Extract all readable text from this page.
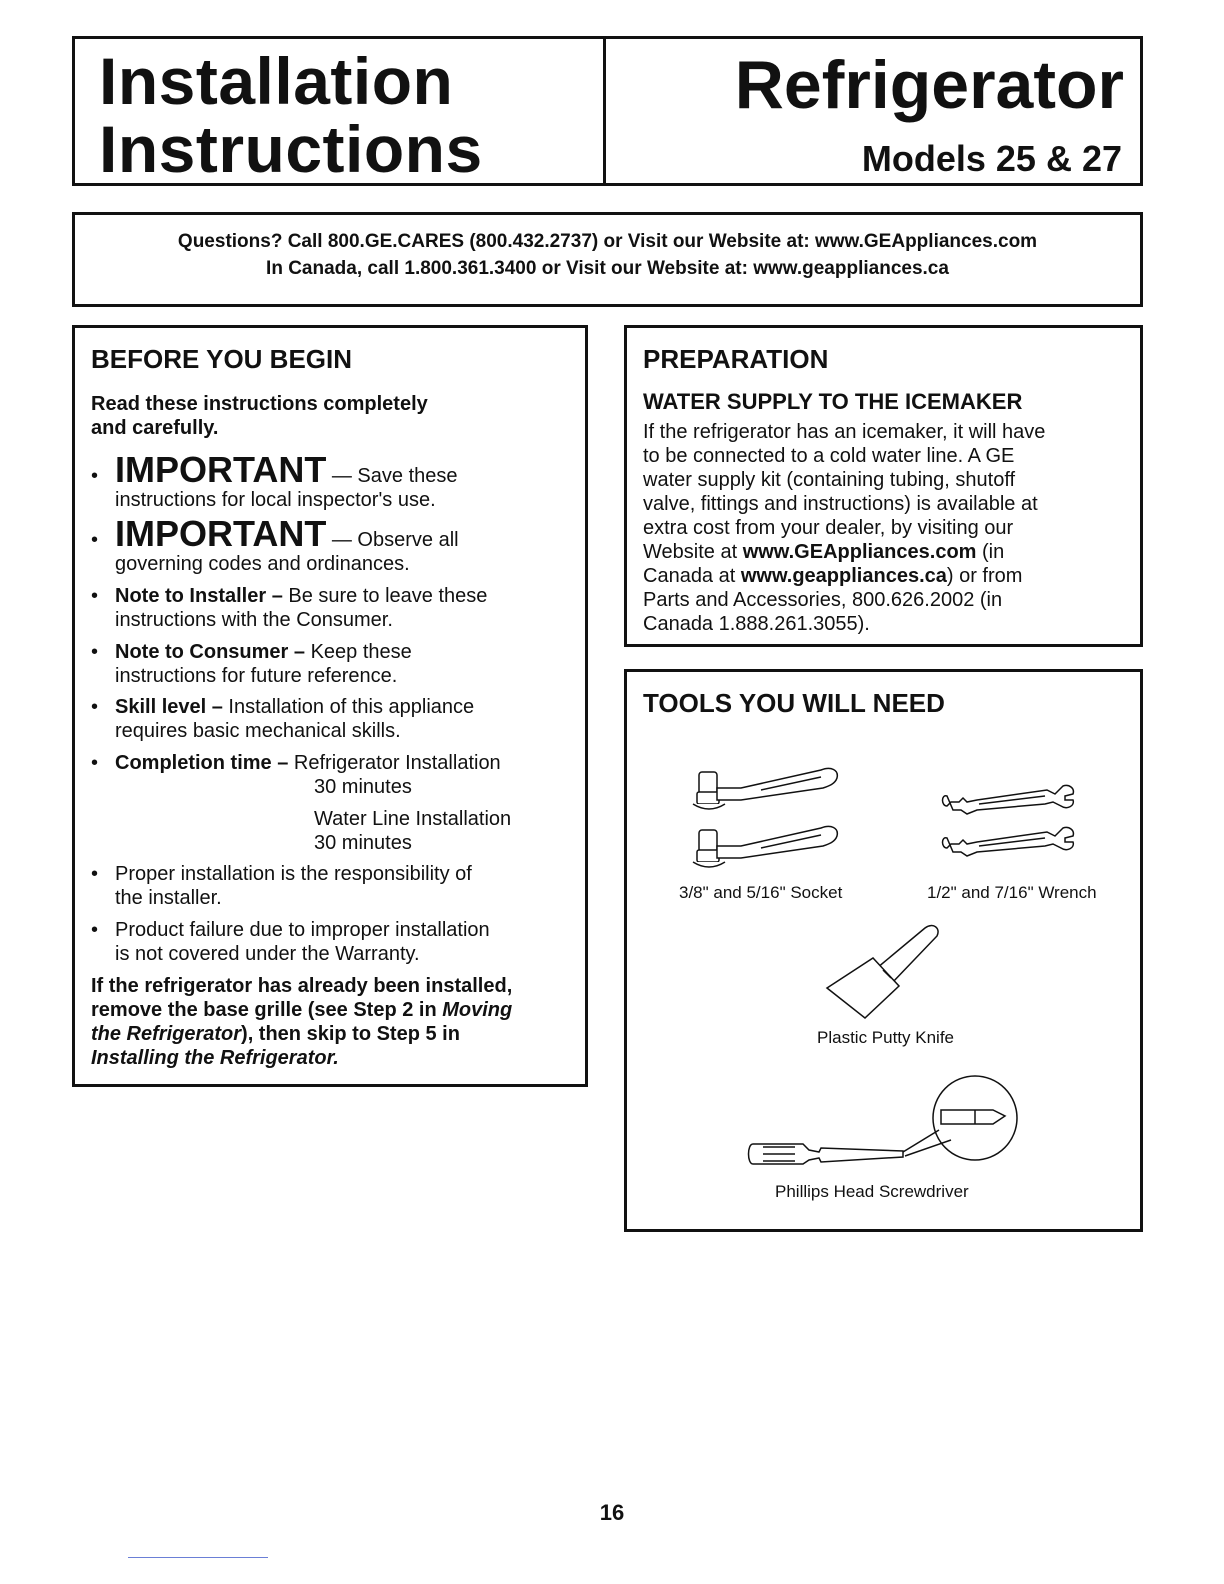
Installation
Instructions
Refrigerator
Models 25 & 27
Questions? Call 800.GE.CARES (800.432.2737) or Visit our Website at: www.GEAppliances.com
In Canada, call 1.800.361.3400 or Visit our Website at: www.geappliances.ca
BEFORE YOU BEGIN
Read these instructions completely
and carefully.
• IMPORTANT — Save these
instructions for local inspector's use.
• IMPORTANT — Observe all
governing codes and ordinances.
• Note to Installer – Be sure to leave these
instructions with the Consumer.
• Note to Consumer – Keep these
instructions for future reference.
• Skill level – Installation of this appliance
requires basic mechanical skills.
• Completion time – Refrigerator Installation
30 minutes
Water Line Installation
30 minutes
• Proper installation is the responsibility of
the installer.
• Product failure due to improper installation
is not covered under the Warranty.
If the refrigerator has already been installed,
remove the base grille (see Step 2 in Moving
the Refrigerator), then skip to Step 5 in
Installing the Refrigerator.
PREPARATION
WATER SUPPLY TO THE ICEMAKER
If the refrigerator has an icemaker, it will have
to be connected to a cold water line. A GE
water supply kit (containing tubing, shutoff
valve, fittings and instructions) is available at
extra cost from your dealer, by visiting our
Website at www.GEAppliances.com (in
Canada at www.geappliances.ca) or from
Parts and Accessories, 800.626.2002 (in
Canada 1.888.261.3055).
TOOLS YOU WILL NEED
3/8" and 5/16" Socket	1/2" and 7/16" Wrench
Plastic Putty Knife
Phillips Head Screwdriver
16
